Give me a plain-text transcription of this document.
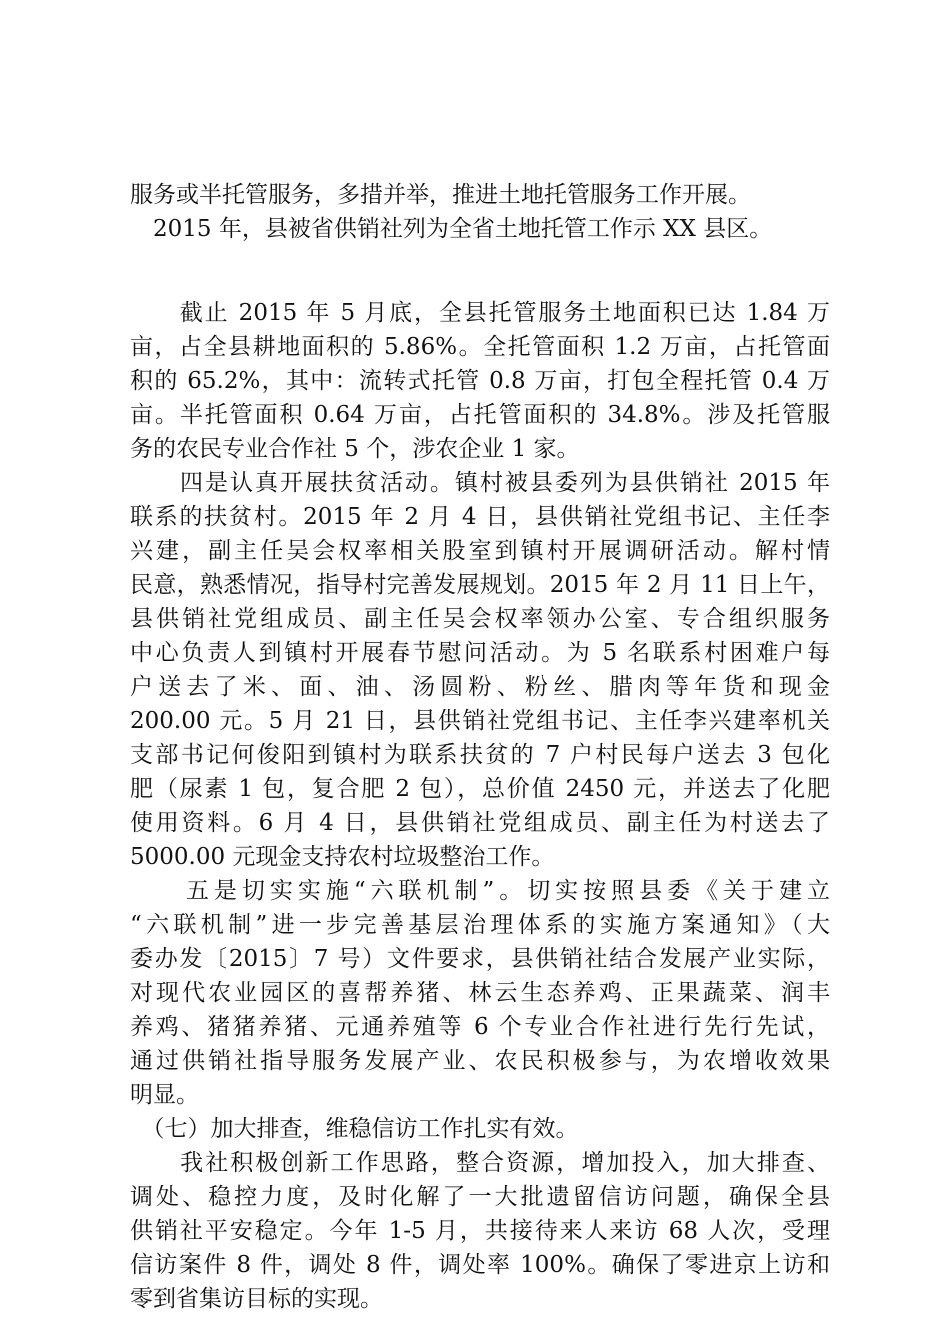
服务或半托管服务，多措并举，推进土地托管服务工作开展。
　2015 年，县被省供销社列为全省土地托管工作示 XX 县区。
　　截止 2015 年 5 月底，全县托管服务土地面积已达 1.84 万
亩，占全县耕地面积的 5.86%。全托管面积 1.2 万亩，占托管面
积的 65.2%，其中：流转式托管 0.8 万亩，打包全程托管 0.4 万
亩。半托管面积 0.64 万亩，占托管面积的 34.8%。涉及托管服
务的农民专业合作社 5 个，涉农企业 1 家。
　　四是认真开展扶贫活动。镇村被县委列为县供销社 2015 年
联系的扶贫村。2015 年 2 月 4 日，县供销社党组书记、主任李
兴建，副主任吴会权率相关股室到镇村开展调研活动。解村情
民意，熟悉情况，指导村完善发展规划。2015 年 2 月 11 日上午，
县供销社党组成员、副主任吴会权率领办公室、专合组织服务
中心负责人到镇村开展春节慰问活动。为 5 名联系村困难户每
户送去了米、面、油、汤圆粉、粉丝、腊肉等年货和现金
200.00 元。5 月 21 日，县供销社党组书记、主任李兴建率机关
支部书记何俊阳到镇村为联系扶贫的 7 户村民每户送去 3 包化
肥（尿素 1 包，复合肥 2 包），总价值 2450 元，并送去了化肥
使用资料。6 月 4 日，县供销社党组成员、副主任为村送去了
5000.00 元现金支持农村垃圾整治工作。
　　五是切实实施“六联机制”。切实按照县委《关于建立
“六联机制”进一步完善基层治理体系的实施方案通知》（大
委办发〔2015〕7 号）文件要求，县供销社结合发展产业实际，
对现代农业园区的喜帮养猪、林云生态养鸡、正果蔬菜、润丰
养鸡、猪猪养猪、元通养殖等 6 个专业合作社进行先行先试，
通过供销社指导服务发展产业、农民积极参与，为农增收效果
明显。
　（七）加大排查，维稳信访工作扎实有效。
　　我社积极创新工作思路，整合资源，增加投入，加大排查、
调处、稳控力度，及时化解了一大批遗留信访问题，确保全县
供销社平安稳定。今年 1-5 月，共接待来人来访 68 人次，受理
信访案件 8 件，调处 8 件，调处率 100%。确保了零进京上访和
零到省集访目标的实现。
